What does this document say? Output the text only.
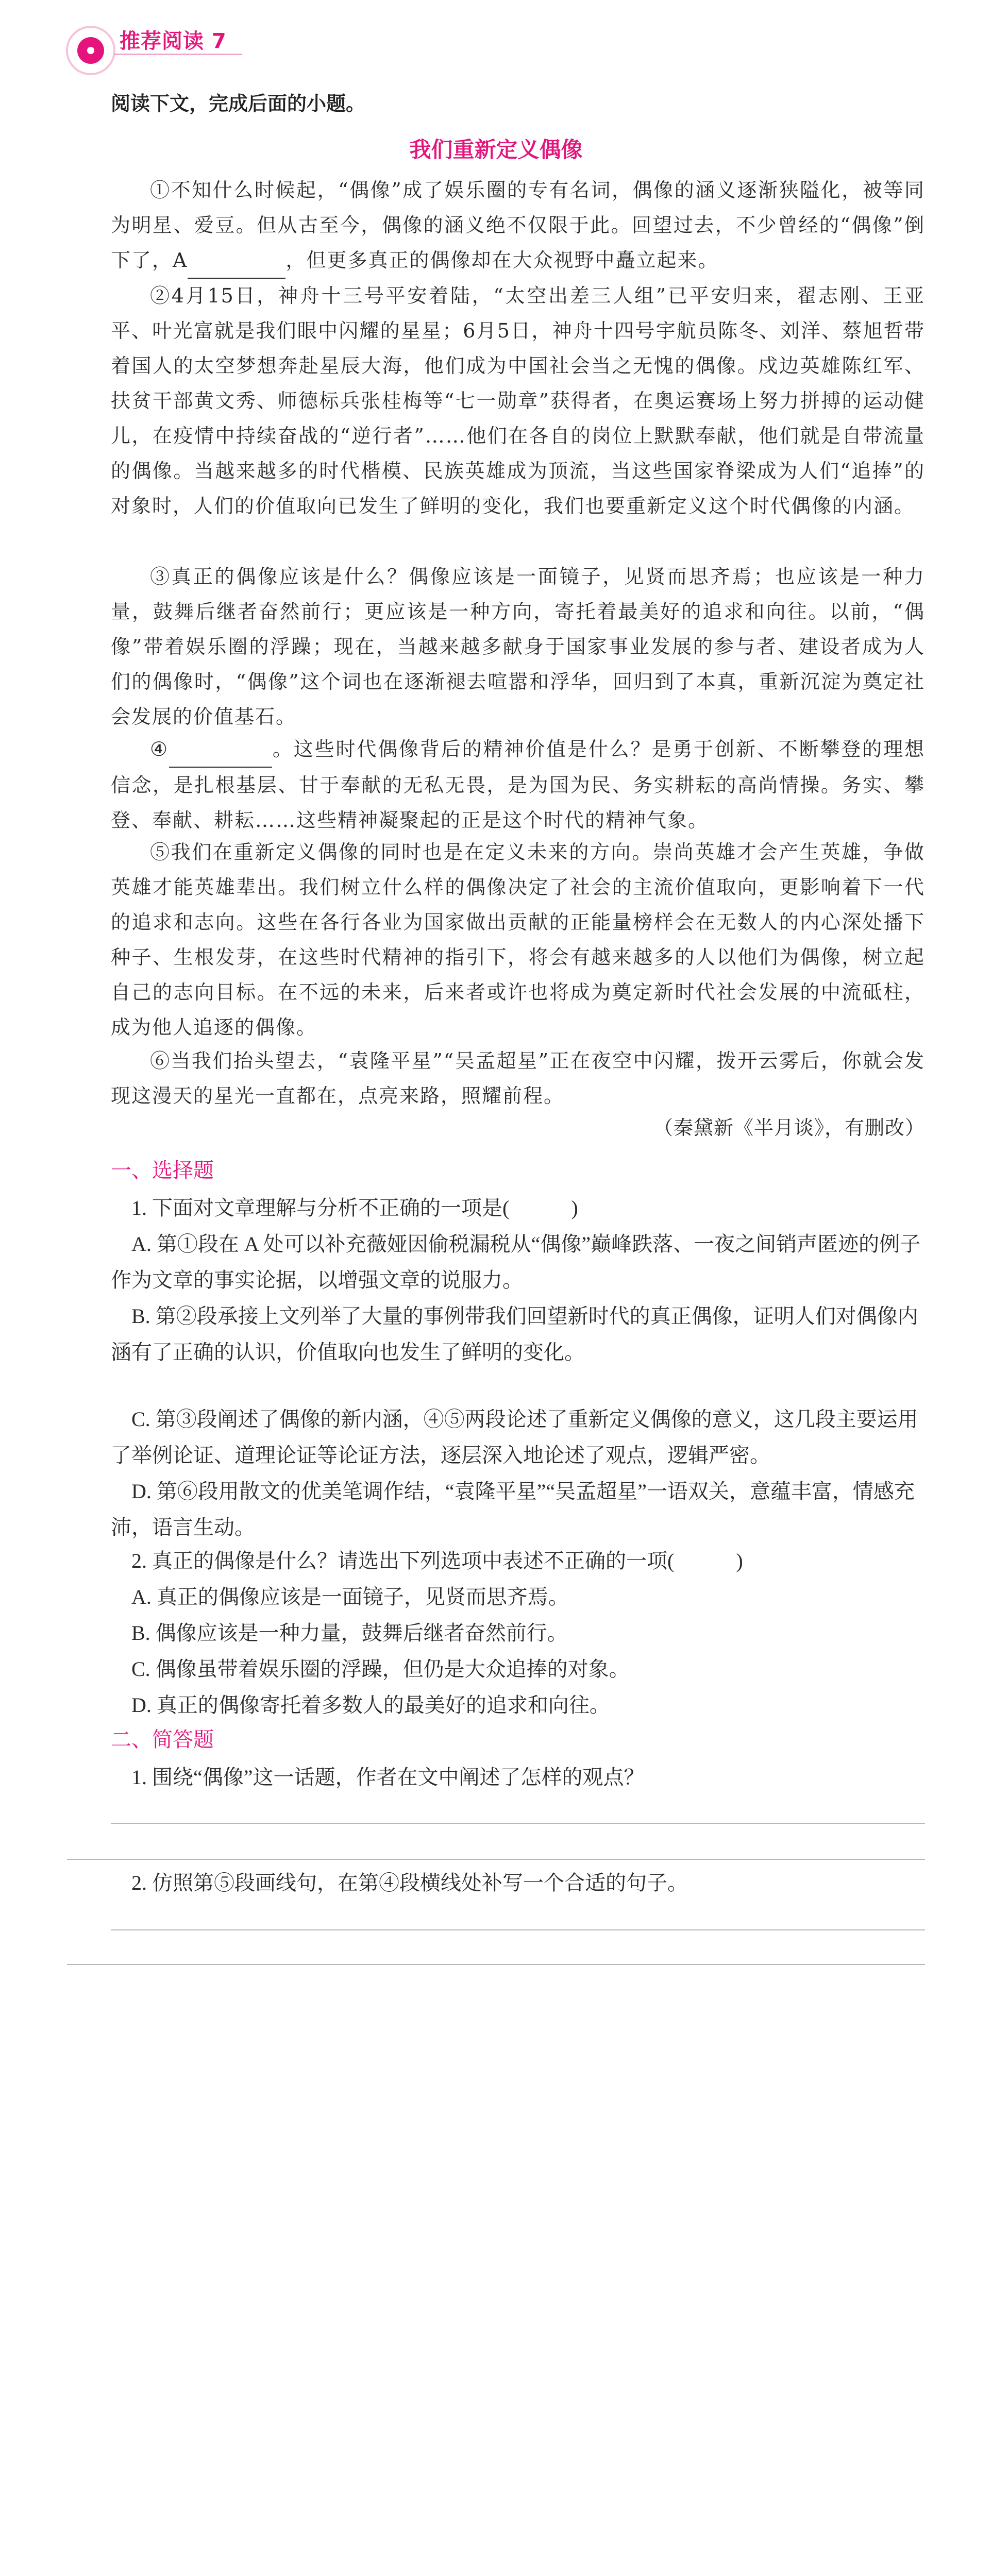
推荐阅读 7
阅读下文，完成后面的小题。
我们重新定义偶像

①不知什么时候起，“偶像”成了娱乐圈的专有名词，偶像的涵义逐渐狭隘化，被等同为明星、爱豆。但从古至今，偶像的涵义绝不仅限于此。回望过去，不少曾经的“偶像”倒下了，A	，但更多真正的偶像却在大众视野中矗立起来。

②4月15日，神舟十三号平安着陆，“太空出差三人组”已平安归来，翟志刚、王亚平、叶光富就是我们眼中闪耀的星星；6月5日，神舟十四号宇航员陈冬、刘洋、蔡旭哲带着国人的太空梦想奔赴星辰大海，他们成为中国社会当之无愧的偶像。戍边英雄陈红军、扶贫干部黄文秀、师德标兵张桂梅等“七一勋章”获得者，在奥运赛场上努力拼搏的运动健儿，在疫情中持续奋战的“逆行者”……他们在各自的岗位上默默奉献，他们就是自带流量的偶像。当越来越多的时代楷模、民族英雄成为顶流，当这些国家脊梁成为人们“追捧”的对象时，人们的价值取向已发生了鲜明的变化，我们也要重新定义这个时代偶像的内涵。

③真正的偶像应该是什么？偶像应该是一面镜子，见贤而思齐焉；也应该是一种力量，鼓舞后继者奋然前行；更应该是一种方向，寄托着最美好的追求和向往。以前，“偶像”带着娱乐圈的浮躁；现在，当越来越多献身于国家事业发展的参与者、建设者成为人们的偶像时，“偶像”这个词也在逐渐褪去喧嚣和浮华，回归到了本真，重新沉淀为奠定社会发展的价值基石。

④	。这些时代偶像背后的精神价值是什么？是勇于创新、不断攀登的理想信念，是扎根基层、甘于奉献的无私无畏，是为国为民、务实耕耘的高尚情操。务实、攀登、奉献、耕耘……这些精神凝聚起的正是这个时代的精神气象。

⑤我们在重新定义偶像的同时也是在定义未来的方向。崇尚英雄才会产生英雄，争做英雄才能英雄辈出。我们树立什么样的偶像决定了社会的主流价值取向，更影响着下一代的追求和志向。这些在各行各业为国家做出贡献的正能量榜样会在无数人的内心深处播下种子、生根发芽，在这些时代精神的指引下，将会有越来越多的人以他们为偶像，树立起自己的志向目标。在不远的未来，后来者或许也将成为奠定新时代社会发展的中流砥柱，成为他人追逐的偶像。

⑥当我们抬头望去，“袁隆平星”“吴孟超星”正在夜空中闪耀，拨开云雾后，你就会发现这漫天的星光一直都在，点亮来路，照耀前程。

（秦黛新《半月谈》，有删改）
一、选择题

1. 下面对文章理解与分析不正确的一项是(　　　)

A. 第①段在 A 处可以补充薇娅因偷税漏税从“偶像”巅峰跌落、一夜之间销声匿迹的例子作为文章的事实论据，以增强文章的说服力。

B. 第②段承接上文列举了大量的事例带我们回望新时代的真正偶像，证明人们对偶像内涵有了正确的认识，价值取向也发生了鲜明的变化。

C. 第③段阐述了偶像的新内涵，④⑤两段论述了重新定义偶像的意义，这几段主要运用了举例论证、道理论证等论证方法，逐层深入地论述了观点，逻辑严密。

D. 第⑥段用散文的优美笔调作结，“袁隆平星”“吴孟超星”一语双关，意蕴丰富，情感充沛，语言生动。

2. 真正的偶像是什么？请选出下列选项中表述不正确的一项(　　　)

A. 真正的偶像应该是一面镜子，见贤而思齐焉。

B. 偶像应该是一种力量，鼓舞后继者奋然前行。

C. 偶像虽带着娱乐圈的浮躁，但仍是大众追捧的对象。

D. 真正的偶像寄托着多数人的最美好的追求和向往。

二、简答题

1. 围绕“偶像”这一话题，作者在文中阐述了怎样的观点？

2. 仿照第⑤段画线句，在第④段横线处补写一个合适的句子。
